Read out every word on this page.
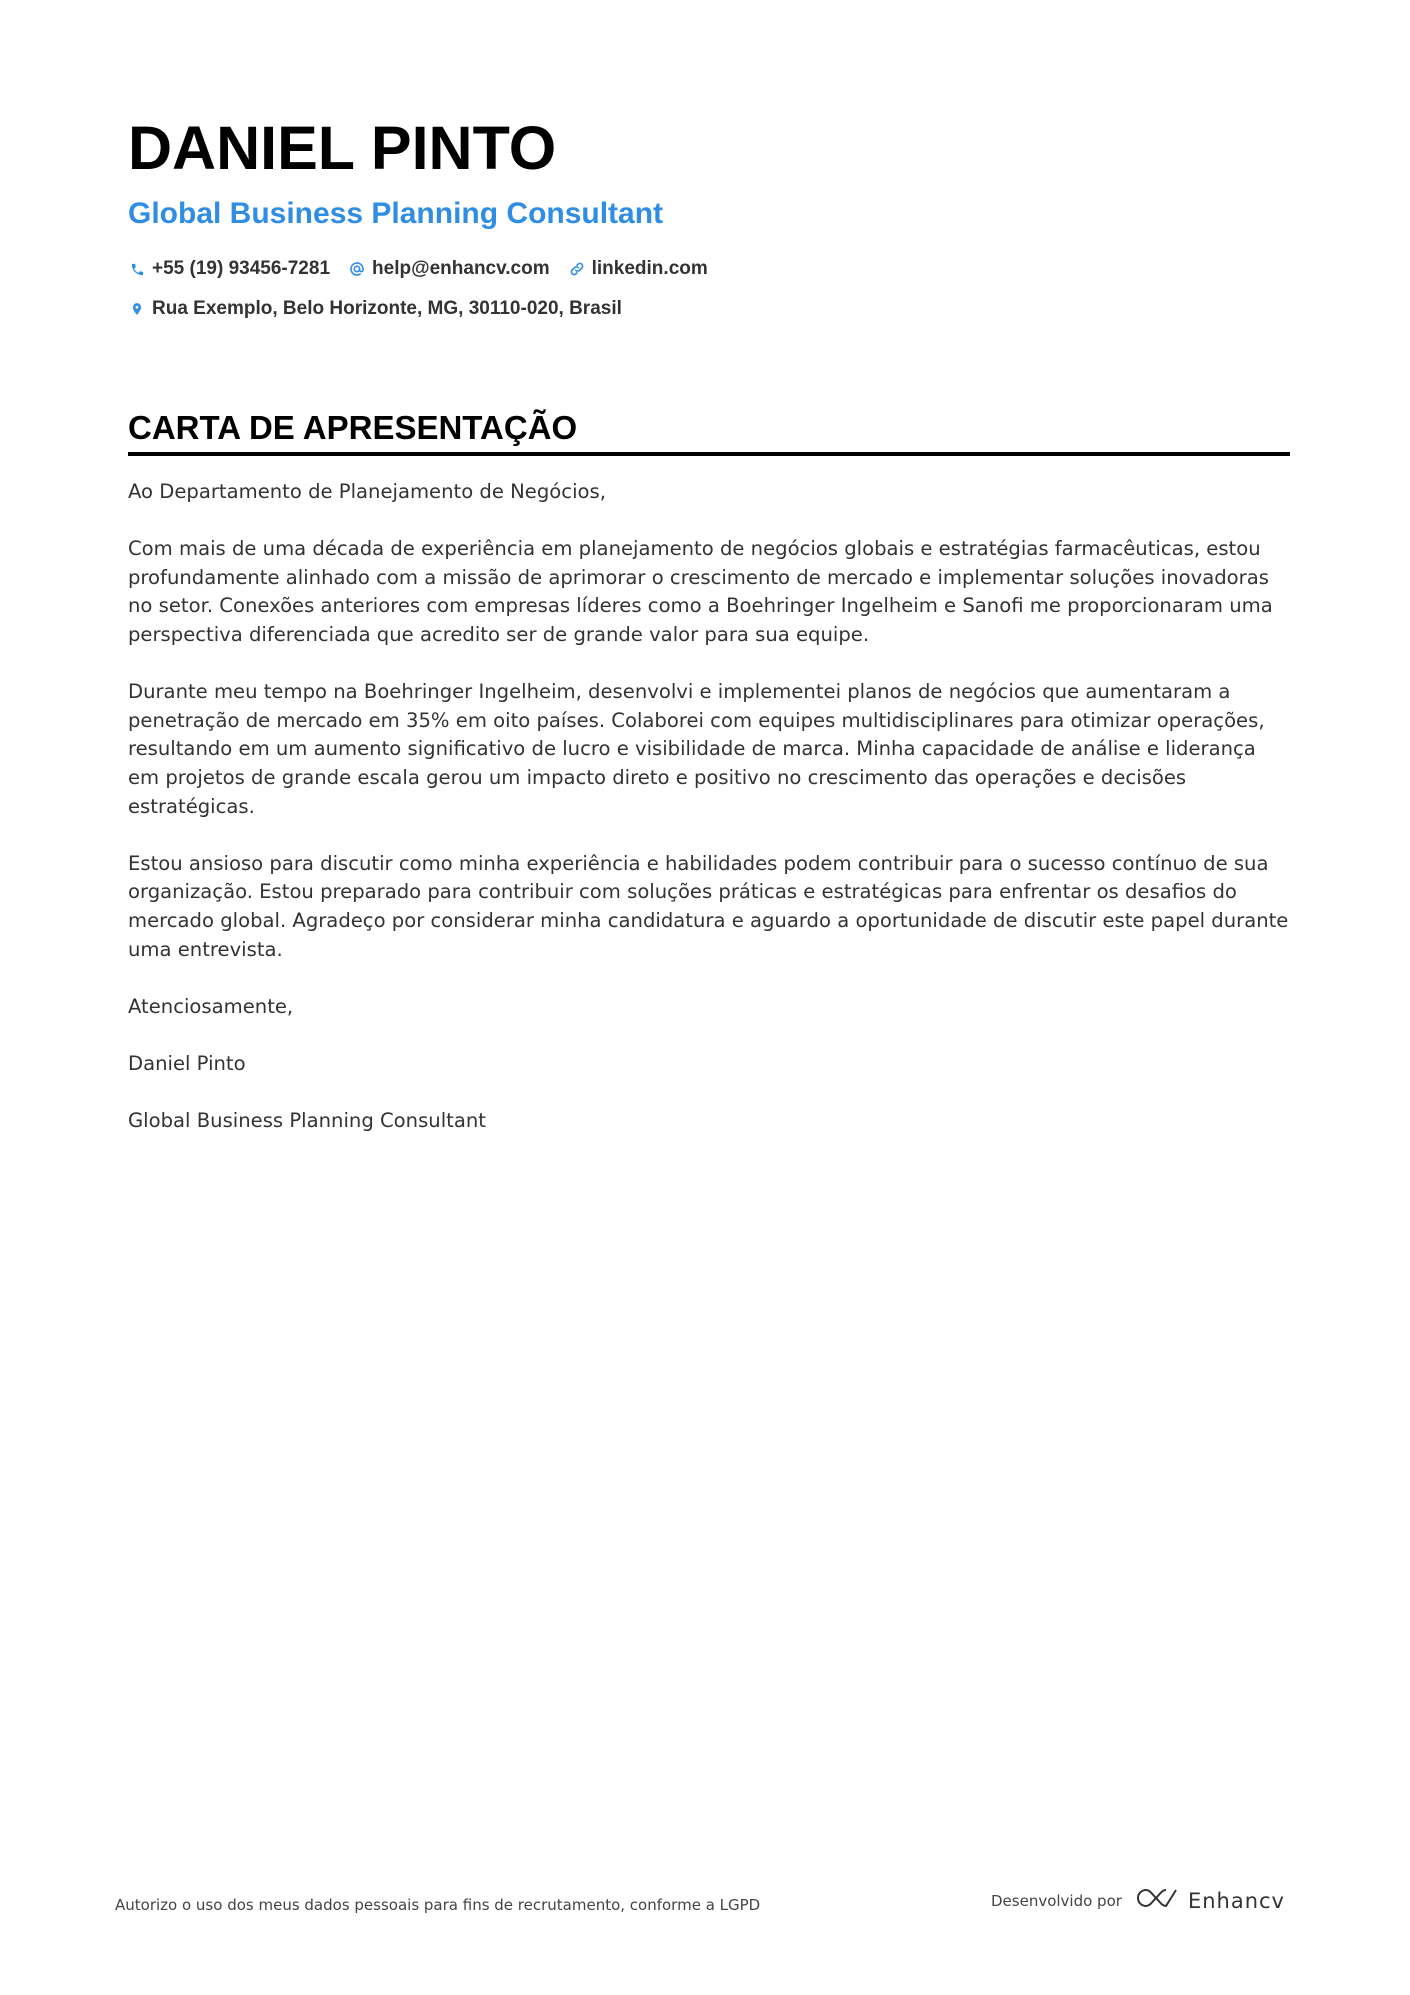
DANIEL PINTO
Global Business Planning Consultant
+55 (19) 93456-7281 help@enhancv.com linkedin.com
Rua Exemplo, Belo Horizonte, MG, 30110-020, Brasil
CARTA DE APRESENTAÇÃO

Ao Departamento de Planejamento de Negócios,

Com mais de uma década de experiência em planejamento de negócios globais e estratégias farmacêuticas, estou profundamente alinhado com a missão de aprimorar o crescimento de mercado e implementar soluções inovadoras no setor. Conexões anteriores com empresas líderes como a Boehringer Ingelheim e Sanofi me proporcionaram uma perspectiva diferenciada que acredito ser de grande valor para sua equipe.

Durante meu tempo na Boehringer Ingelheim, desenvolvi e implementei planos de negócios que aumentaram a penetração de mercado em 35% em oito países. Colaborei com equipes multidisciplinares para otimizar operações, resultando em um aumento significativo de lucro e visibilidade de marca. Minha capacidade de análise e liderança em projetos de grande escala gerou um impacto direto e positivo no crescimento das operações e decisões estratégicas.

Estou ansioso para discutir como minha experiência e habilidades podem contribuir para o sucesso contínuo de sua organização. Estou preparado para contribuir com soluções práticas e estratégicas para enfrentar os desafios do mercado global. Agradeço por considerar minha candidatura e aguardo a oportunidade de discutir este papel durante uma entrevista.

Atenciosamente,

Daniel Pinto

Global Business Planning Consultant

Autorizo o uso dos meus dados pessoais para fins de recrutamento, conforme a LGPD	Desenvolvido por	Enhancv
